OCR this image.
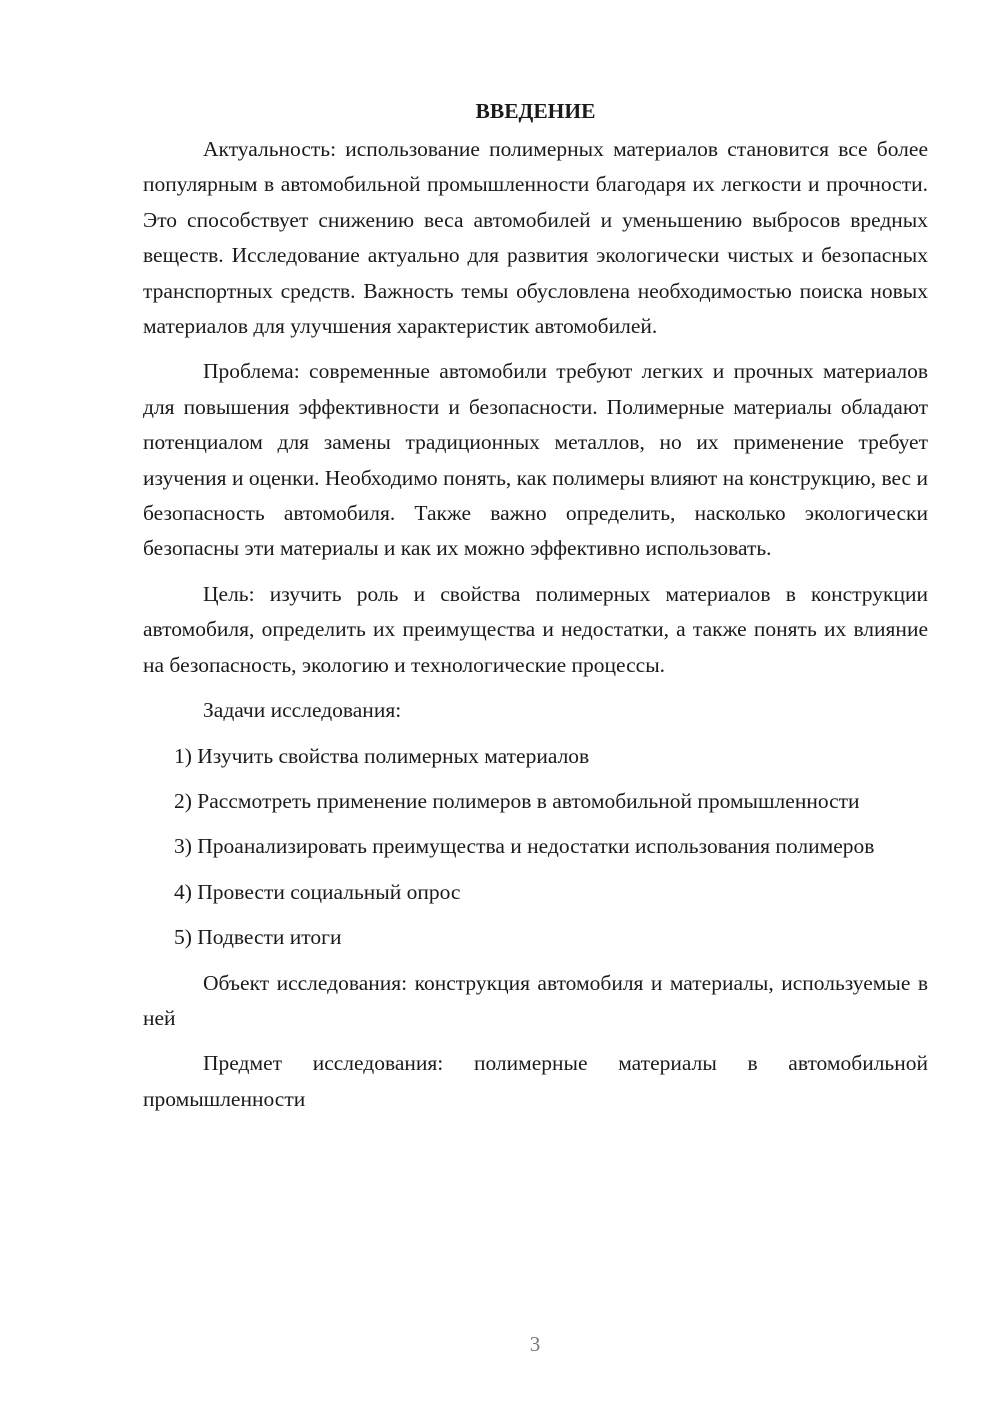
ВВЕДЕНИЕ

Актуальность: использование полимерных материалов становится все более популярным в автомобильной промышленности благодаря их легкости и прочности. Это способствует снижению веса автомобилей и уменьшению выбросов вредных веществ. Исследование актуально для развития экологически чистых и безопасных транспортных средств. Важность темы обусловлена необходимостью поиска новых материалов для улучшения характеристик автомобилей.

Проблема: современные автомобили требуют легких и прочных материалов для повышения эффективности и безопасности. Полимерные материалы обладают потенциалом для замены традиционных металлов, но их применение требует изучения и оценки. Необходимо понять, как полимеры влияют на конструкцию, вес и безопасность автомобиля. Также важно определить, насколько экологически безопасны эти материалы и как их можно эффективно использовать.

Цель: изучить роль и свойства полимерных материалов в конструкции автомобиля, определить их преимущества и недостатки, а также понять их влияние на безопасность, экологию и технологические процессы.

Задачи исследования:

1) Изучить свойства полимерных материалов

2) Рассмотреть применение полимеров в автомобильной промышленности

3) Проанализировать преимущества и недостатки использования полимеров

4) Провести социальный опрос

5) Подвести итоги

Объект исследования: конструкция автомобиля и материалы, используемые в ней

Предмет исследования: полимерные материалы в автомобильной промышленности

3
